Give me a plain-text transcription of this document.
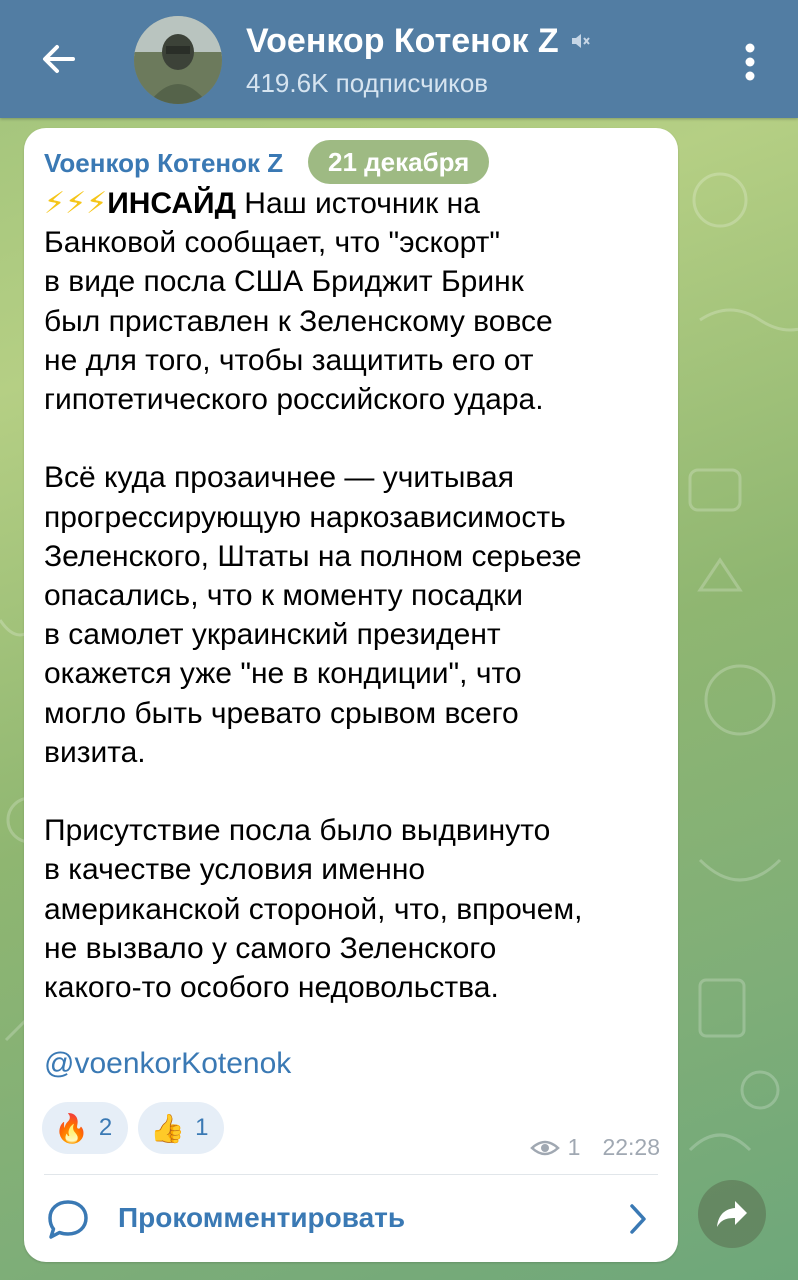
Voенкор Котенок Z
419.6K подписчиков
Voенкор Котенок Z

⚡⚡⚡ИНСАЙД Наш источник на

Банковой сообщает, что "эскорт"

в виде посла США Бриджит Бринк

был приставлен к Зеленскому вовсе

не для того, чтобы защитить его от

гипотетического российского удара.

Всё куда прозаичнее — учитывая

прогрессирующую наркозависимость

Зеленского, Штаты на полном серьезе

опасались, что к моменту посадки

в самолет украинский президент

окажется уже "не в кондиции", что

могло быть чревато срывом всего

визита.

Присутствие посла было выдвинуто

в качестве условия именно

американской стороной, что, впрочем,

не вызвало у самого Зеленского

какого-то особого недовольства.

@voenkorKotenok
🔥 2 👍 1
1 22:28
Прокомментировать
21 декабря
